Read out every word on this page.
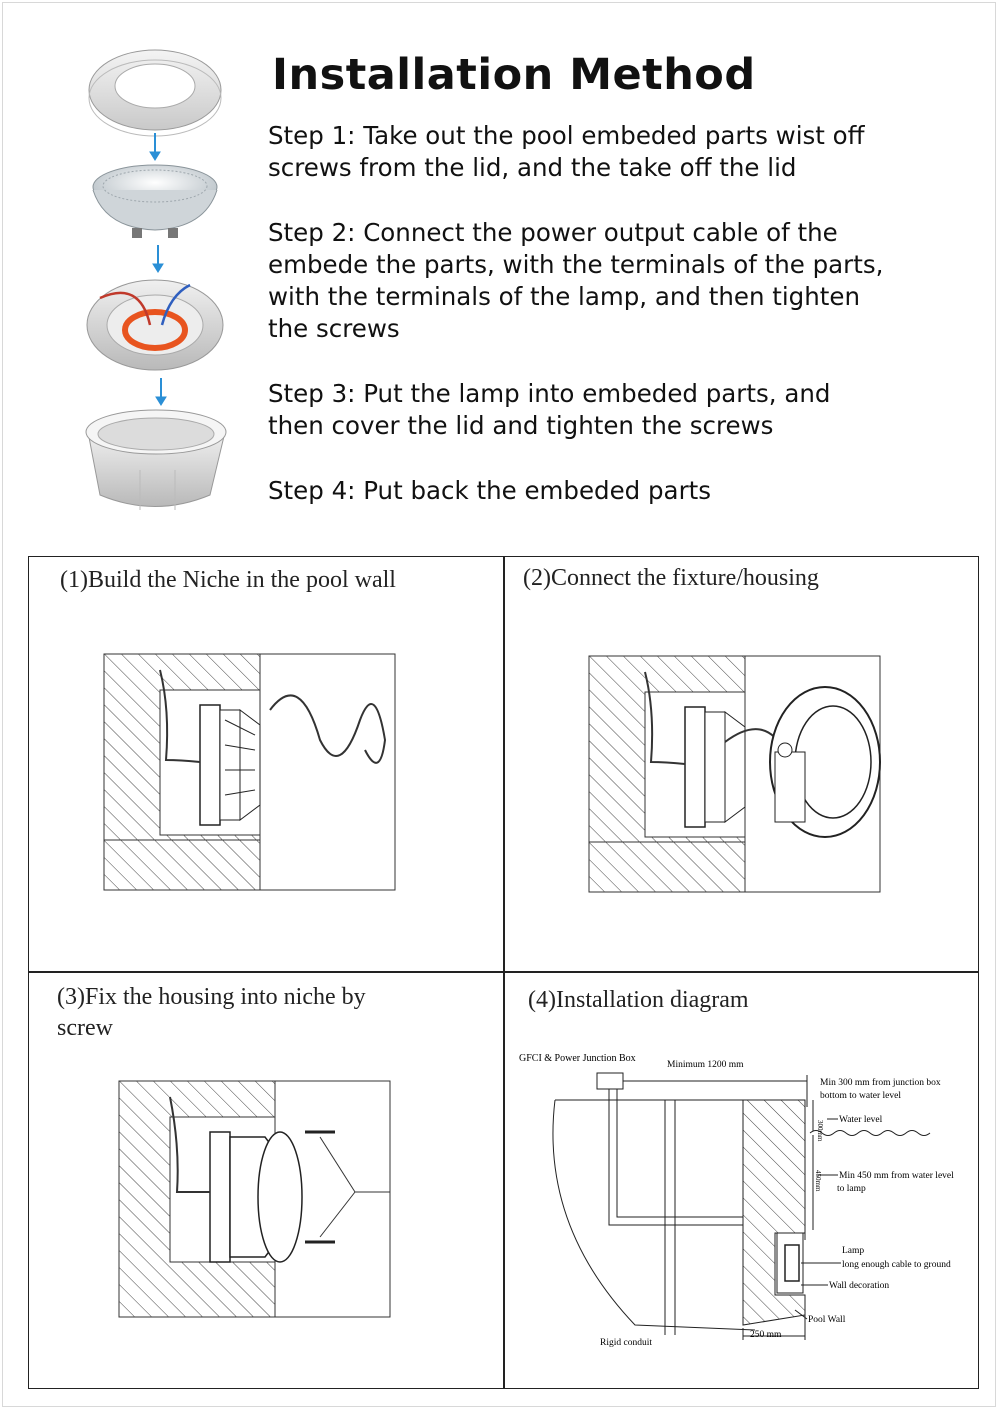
Installation Method
Step 1: Take out the pool embeded parts wist off
screws from the lid, and the take off the lid
Step 2: Connect the power output cable of the
embede the parts, with the terminals of the parts,
with the terminals of the lamp, and then tighten
the screws
Step 3: Put the lamp into embeded parts, and
then cover the lid and tighten the screws
Step 4: Put back the embeded parts
(1)Build the Niche in the pool wall	(2)Connect the fixture/housing
(3)Fix the housing into niche by
screw
(4)Installation diagram
GFCI & Power Junction Box
Minimum 1200 mm
300mm
450mm
Min 300 mm from junction box
bottom to water level
Water level
Min 450 mm from water level
to lamp
Lamp
long enough cable to ground
Wall decoration
Pool Wall
250 mm
Rigid conduit
